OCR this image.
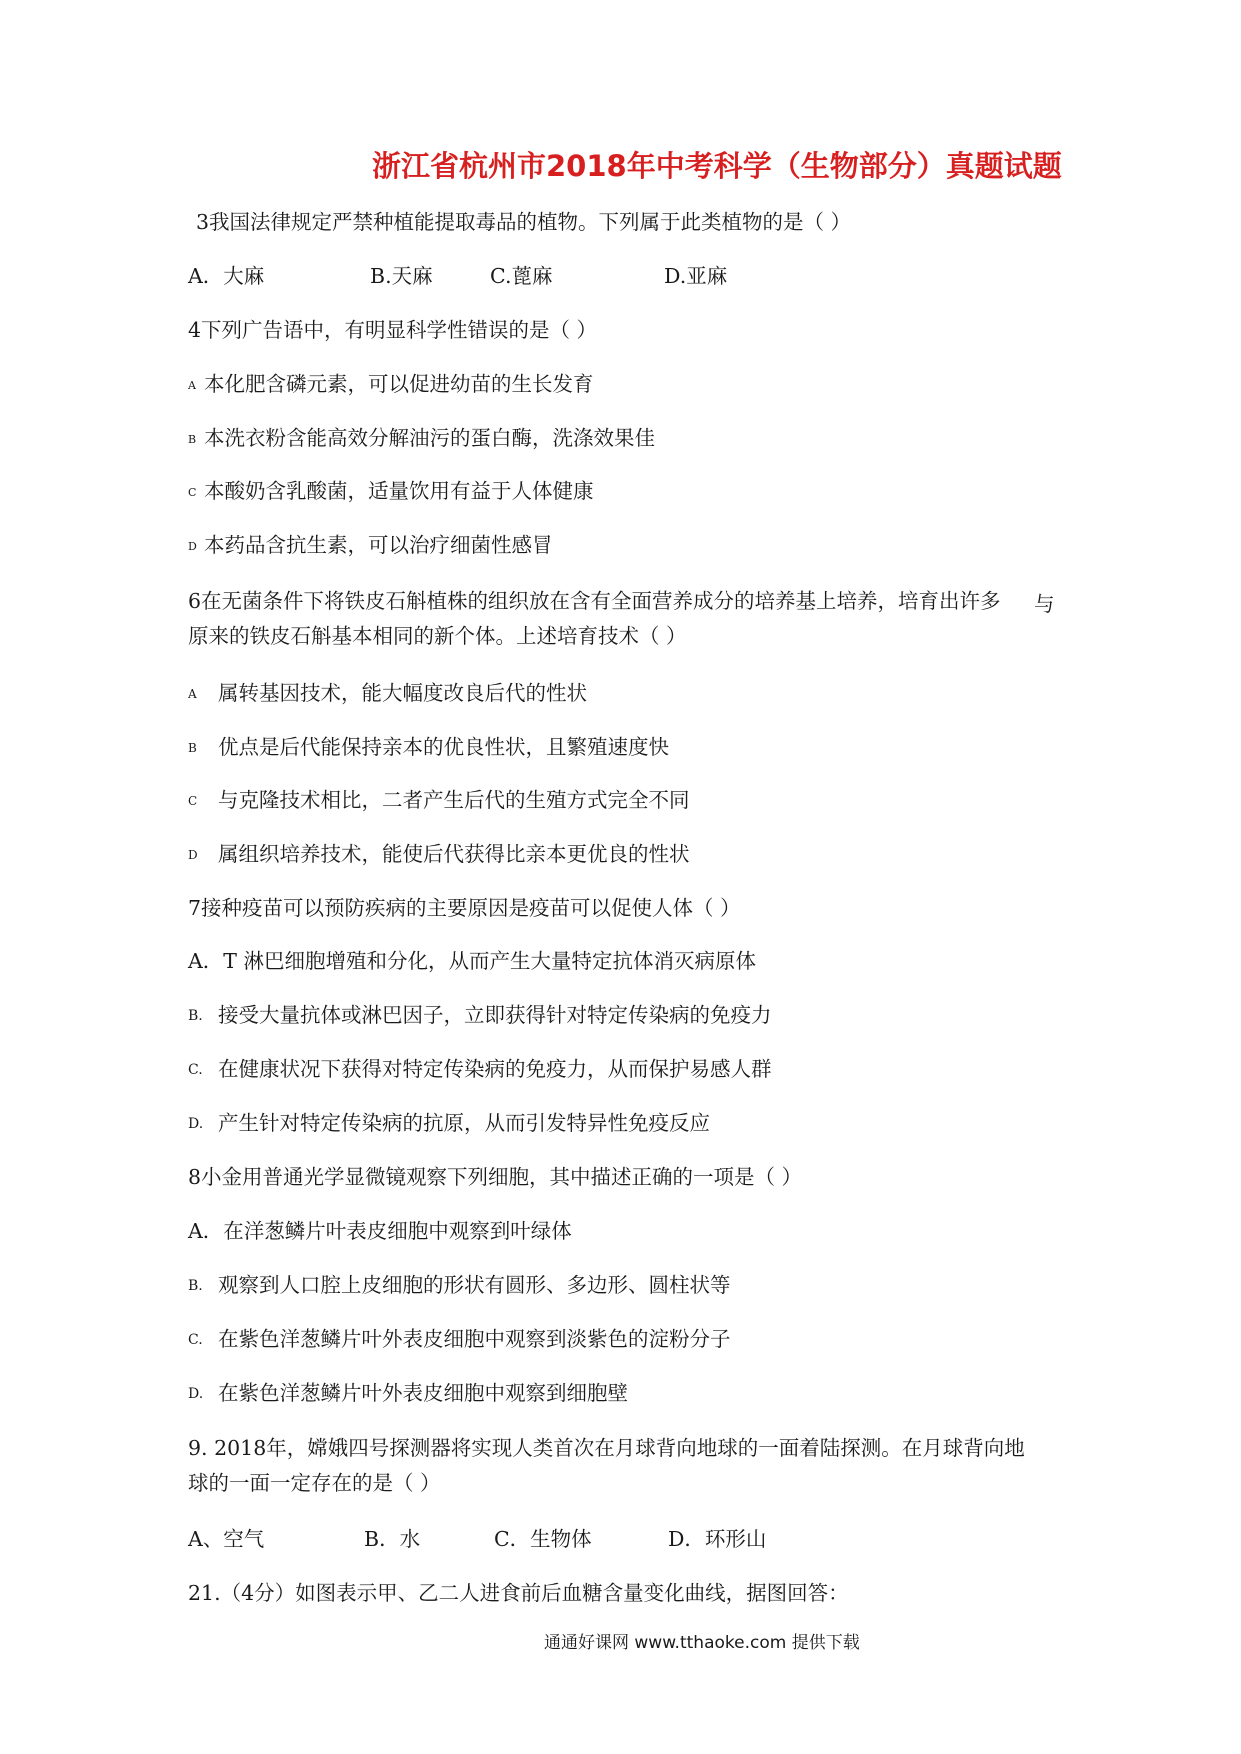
浙江省杭州市2018年中考科学（生物部分）真题试题
3我国法律规定严禁种植能提取毒品的植物。下列属于此类植物的是（ ）
A．大麻	B.天麻	C.蓖麻	D.亚麻
4下列广告语中，有明显科学性错误的是（ ）
A 本化肥含磷元素，可以促进幼苗的生长发育
B 本洗衣粉含能高效分解油污的蛋白酶，洗涤效果佳
C 本酸奶含乳酸菌，适量饮用有益于人体健康
D 本药品含抗生素，可以治疗细菌性感冒
6在无菌条件下将铁皮石斛植株的组织放在含有全面营养成分的培养基上培养，培育出许多 与
原来的铁皮石斛基本相同的新个体。上述培育技术（ ）
A 属转基因技术，能大幅度改良后代的性状
B 优点是后代能保持亲本的优良性状，且繁殖速度快
C 与克隆技术相比，二者产生后代的生殖方式完全不同
D 属组织培养技术，能使后代获得比亲本更优良的性状
7接种疫苗可以预防疾病的主要原因是疫苗可以促使人体（ ）
A．T 淋巴细胞增殖和分化，从而产生大量特定抗体消灭病原体
B. 接受大量抗体或淋巴因子，立即获得针对特定传染病的免疫力
C. 在健康状况下获得对特定传染病的免疫力，从而保护易感人群
D. 产生针对特定传染病的抗原，从而引发特异性免疫反应
8小金用普通光学显微镜观察下列细胞，其中描述正确的一项是（ ）
A．在洋葱鳞片叶表皮细胞中观察到叶绿体
B. 观察到人口腔上皮细胞的形状有圆形、多边形、圆柱状等
C. 在紫色洋葱鳞片叶外表皮细胞中观察到淡紫色的淀粉分子
D. 在紫色洋葱鳞片叶外表皮细胞中观察到细胞壁
9. 2018年，嫦娥四号探测器将实现人类首次在月球背向地球的一面着陆探测。在月球背向地
球的一面一定存在的是（ ）
A、空气	B．水	C．生物体	D．环形山
21.（4分）如图表示甲、乙二人进食前后血糖含量变化曲线，据图回答：
通通好课网 www.tthaoke.com 提供下载
